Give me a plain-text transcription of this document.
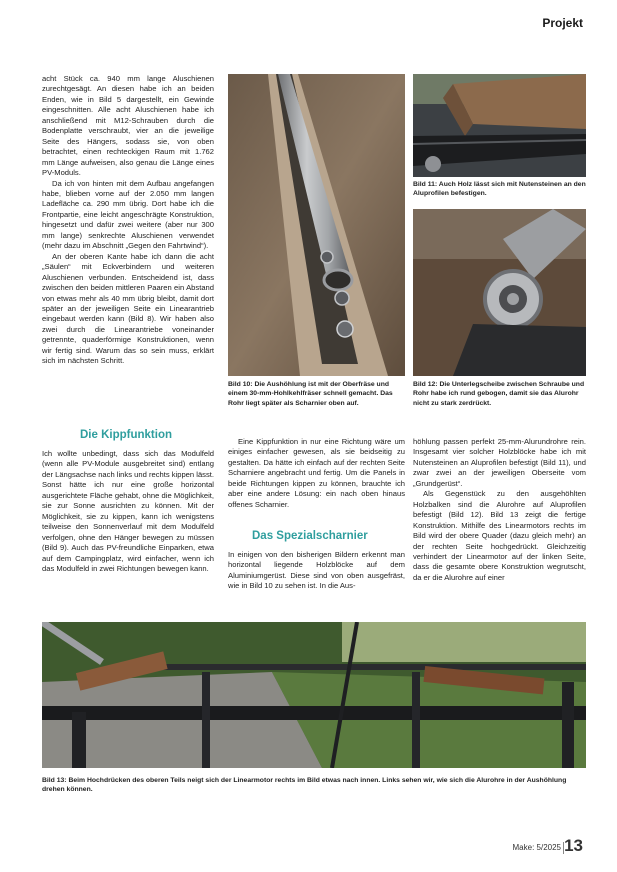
Projekt

acht Stück ca. 940 mm lange Aluschienen zurechtgesägt. An diesen habe ich an beiden Enden, wie in Bild 5 dargestellt, ein Gewinde eingeschnitten. Alle acht Aluschienen habe ich anschließend mit M12-Schrauben durch die Bodenplatte verschraubt, vier an die jeweilige Seite des Hängers, sodass sie, von oben betrachtet, einen rechteckigen Raum mit 1.762 mm Länge aufweisen, also genau die Länge eines PV-Moduls.

Da ich von hinten mit dem Aufbau angefangen habe, blieben vorne auf der 2.050 mm langen Ladefläche ca. 290 mm übrig. Dort habe ich die Frontpartie, eine leicht angeschrägte Konstruktion, hingesetzt und dafür zwei weitere (aber nur 300 mm lange) senkrechte Aluschienen verwendet (mehr dazu im Abschnitt „Gegen den Fahrtwind“).

An der oberen Kante habe ich dann die acht „Säulen“ mit Eckverbindern und weiteren Aluschienen verbunden. Entscheidend ist, dass zwischen den beiden mittleren Paaren ein Abstand von etwas mehr als 40 mm übrig bleibt, damit dort später an der jeweiligen Seite ein Linearantrieb eingebaut werden kann (Bild 8). Wir haben also zwei durch die Linearantriebe voneinander getrennte, quaderförmige Konstruktionen, wenn wir fertig sind. Warum das so sein muss, erklärt sich im nächsten Schritt.

Die Kippfunktion

Ich wollte unbedingt, dass sich das Modulfeld (wenn alle PV-Module ausgebreitet sind) entlang der Längsachse nach links und rechts kippen lässt. Sonst hätte ich nur eine große horizontal ausgerichtete Fläche gehabt, ohne die Möglichkeit, sie zur Sonne ausrichten zu können. Mit der Möglichkeit, sie zu kippen, kann ich wenigstens teilweise den Sonnenverlauf mit dem Modulfeld verfolgen, ohne den Hänger bewegen zu müssen (Bild 9). Auch das PV-freundliche Einparken, etwa auf dem Campingplatz, wird einfacher, wenn ich das Modulfeld in zwei Richtungen bewegen kann.

Bild 10: Die Aushöhlung ist mit der Oberfräse und einem 30-mm-Hohlkehlfräser schnell gemacht. Das Rohr liegt später als Scharnier oben auf.
Bild 11: Auch Holz lässt sich mit Nutensteinen an den Aluprofilen befestigen.
Bild 12: Die Unterlegscheibe zwischen Schraube und Rohr habe ich rund gebogen, damit sie das Alurohr nicht zu stark zerdrückt.

Eine Kippfunktion in nur eine Richtung wäre um einiges einfacher gewesen, als sie beidseitig zu gestalten. Da hätte ich einfach auf der rechten Seite Scharniere angebracht und fertig. Um die Panels in beide Richtungen kippen zu können, brauchte ich aber eine andere Lösung: ein nach oben hinaus offenes Scharnier.

Das Spezialscharnier

In einigen von den bisherigen Bildern erkennt man horizontal liegende Holzblöcke auf dem Aluminiumgerüst. Diese sind von oben ausgefräst, wie in Bild 10 zu sehen ist. In die Aus-

höhlung passen perfekt 25-mm-Alurundrohre rein. Insgesamt vier solcher Holzblöcke habe ich mit Nutensteinen an Aluprofilen befestigt (Bild 11), und zwar zwei an der jeweiligen Oberseite vom „Grundgerüst“.

Als Gegenstück zu den ausgehöhlten Holzbalken sind die Alurohre auf Aluprofilen befestigt (Bild 12). Bild 13 zeigt die fertige Konstruktion. Mithilfe des Linearmotors rechts im Bild wird der obere Quader (dazu gleich mehr) an der rechten Seite hochgedrückt. Gleichzeitig verhindert der Linearmotor auf der linken Seite, dass die gesamte obere Konstruktion wegrutscht, da er die Alurohre auf einer

Bild 13: Beim Hochdrücken des oberen Teils neigt sich der Linearmotor rechts im Bild etwas nach innen. Links sehen wir, wie sich die Alurohre in der Aushöhlung drehen können.
Make: 5/2025 13
